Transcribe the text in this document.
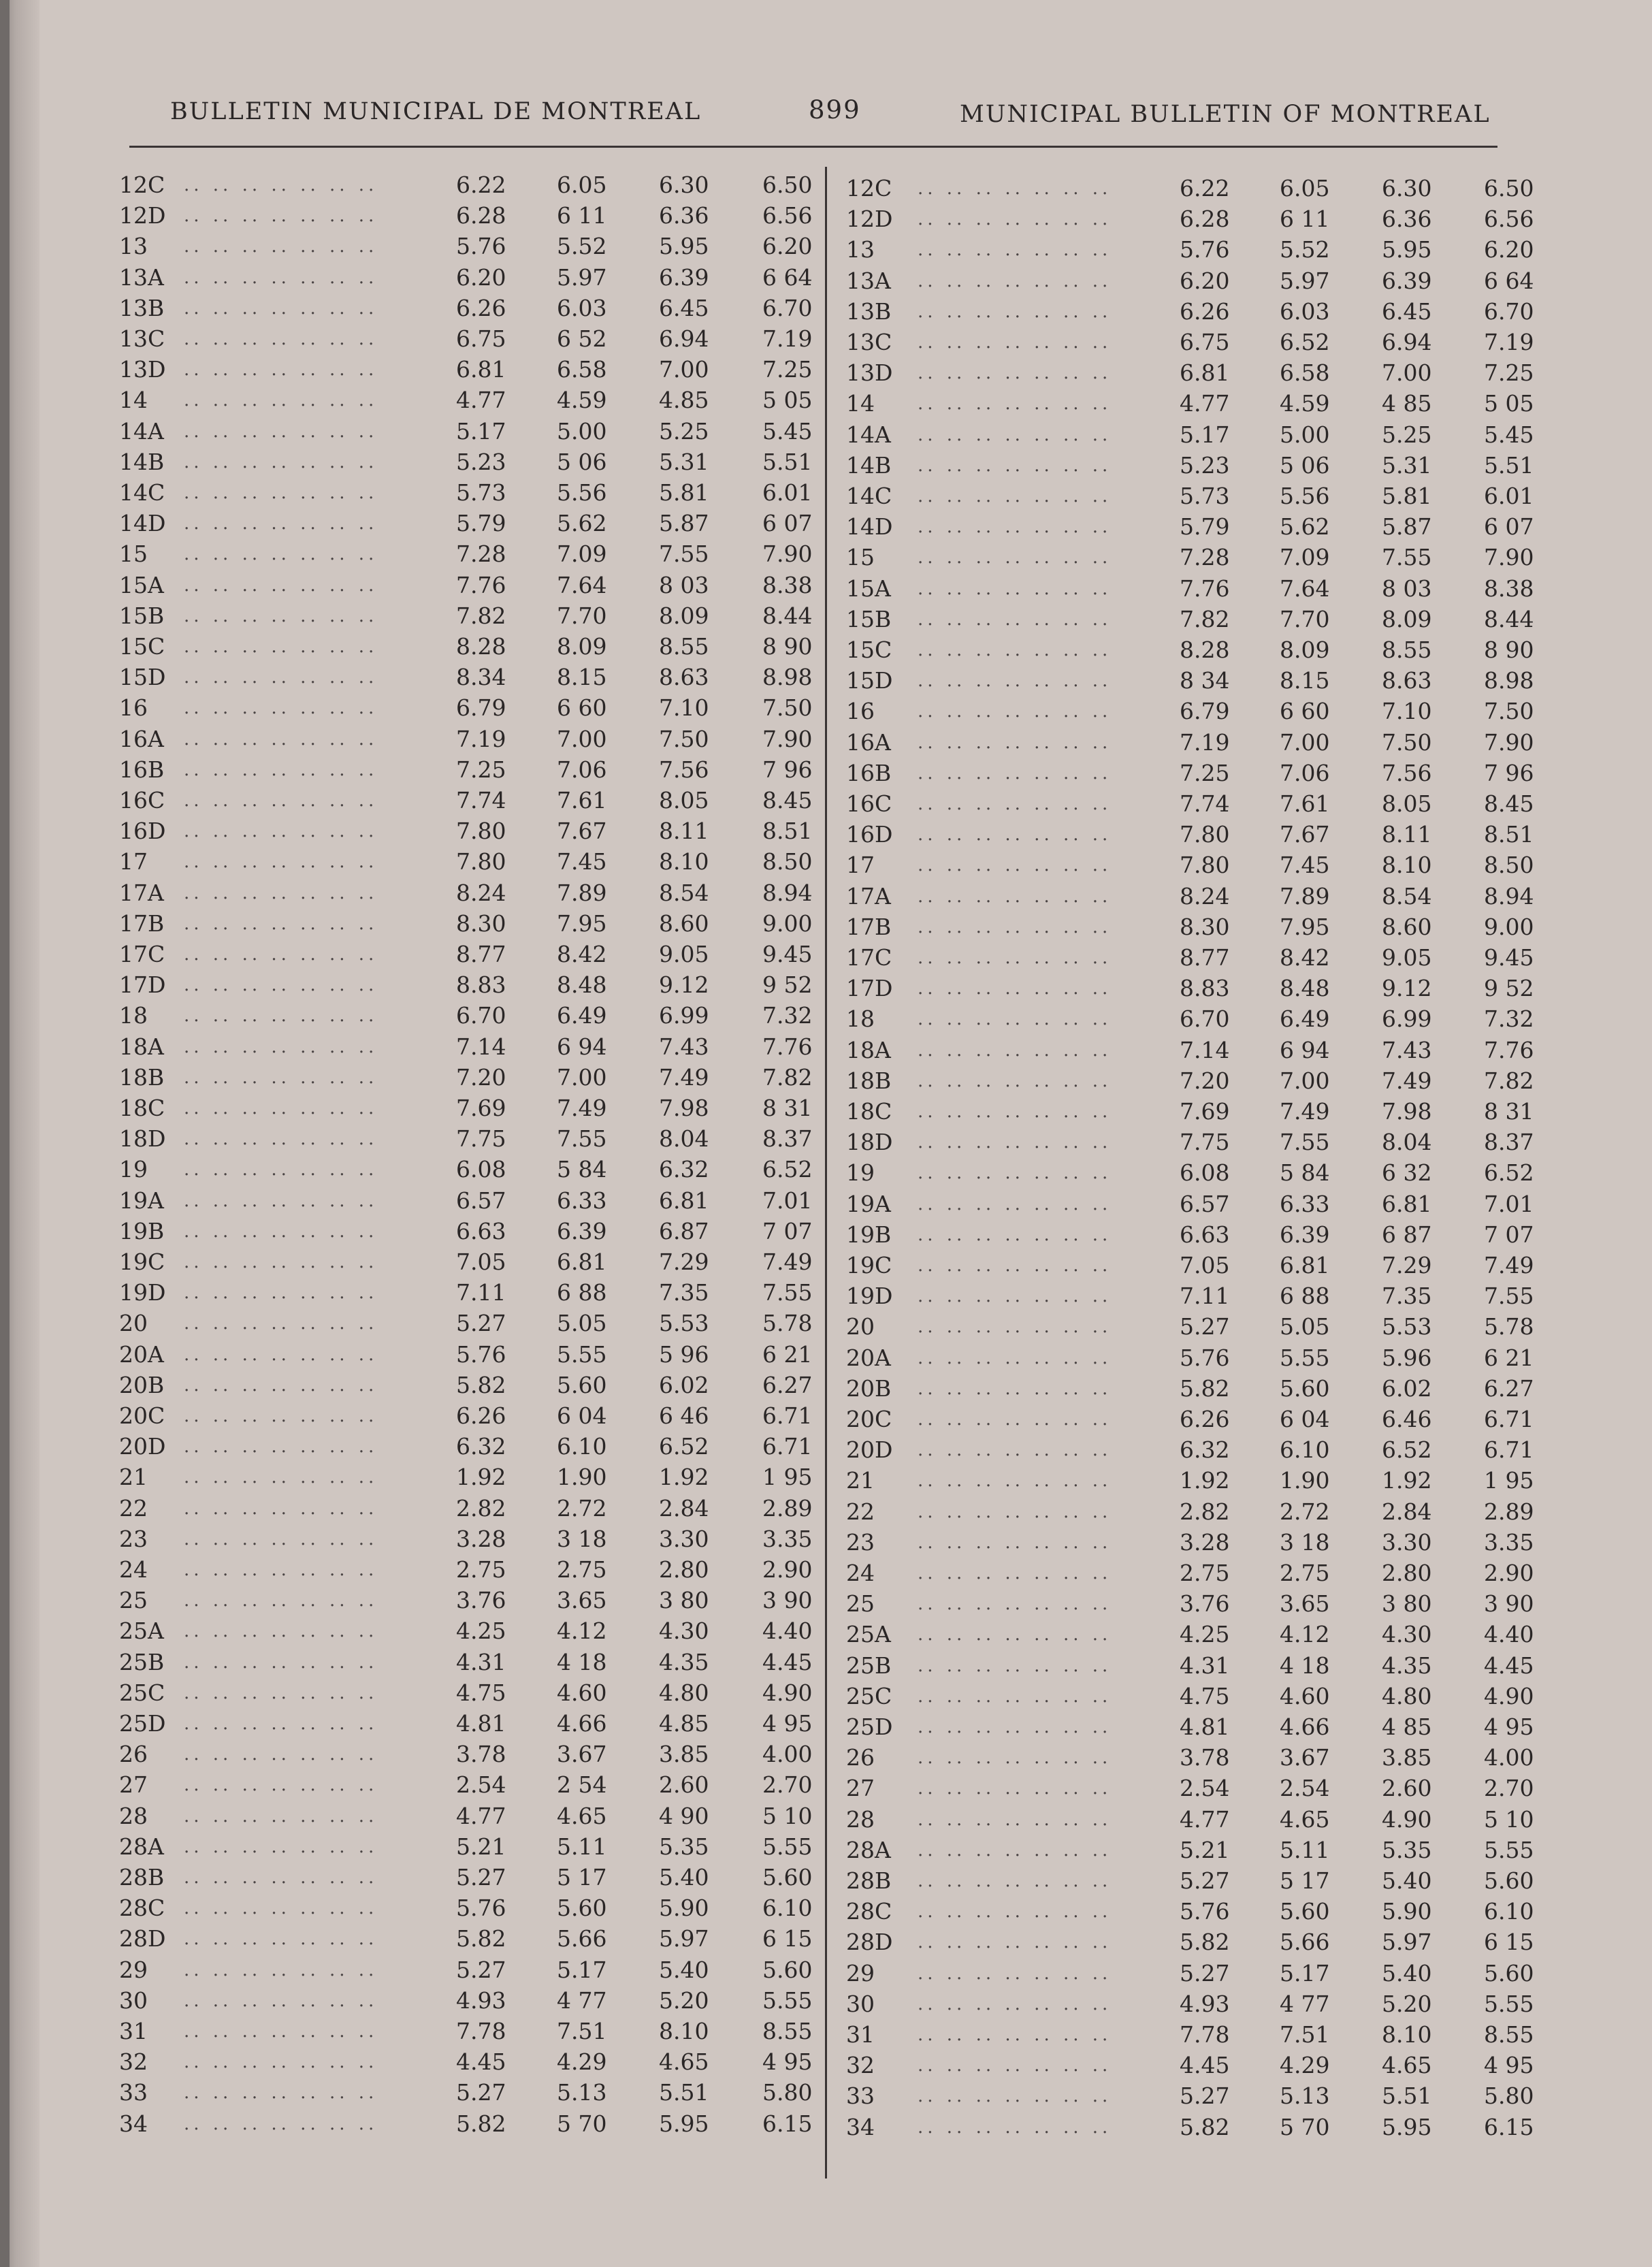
BULLETIN MUNICIPAL DE MONTREAL	899	MUNICIPAL BULLETIN OF MONTREAL
12C .. .. .. .. .. .. ..	6.22	6.05	6.30	6.50
12D .. .. .. .. .. .. ..	6.28	6 11	6.36	6.56
13 .. .. .. .. .. .. ..	5.76	5.52	5.95	6.20
13A .. .. .. .. .. .. ..	6.20	5.97	6.39	6 64
13B .. .. .. .. .. .. ..	6.26	6.03	6.45	6.70
13C .. .. .. .. .. .. ..	6.75	6 52	6.94	7.19
13D .. .. .. .. .. .. ..	6.81	6.58	7.00	7.25
14 .. .. .. .. .. .. ..	4.77	4.59	4.85	5 05
14A .. .. .. .. .. .. ..	5.17	5.00	5.25	5.45
14B .. .. .. .. .. .. ..	5.23	5 06	5.31	5.51
14C .. .. .. .. .. .. ..	5.73	5.56	5.81	6.01
14D .. .. .. .. .. .. ..	5.79	5.62	5.87	6 07
15 .. .. .. .. .. .. ..	7.28	7.09	7.55	7.90
15A .. .. .. .. .. .. ..	7.76	7.64	8 03	8.38
15B .. .. .. .. .. .. ..	7.82	7.70	8.09	8.44
15C .. .. .. .. .. .. ..	8.28	8.09	8.55	8 90
15D .. .. .. .. .. .. ..	8.34	8.15	8.63	8.98
16 .. .. .. .. .. .. ..	6.79	6 60	7.10	7.50
16A .. .. .. .. .. .. ..	7.19	7.00	7.50	7.90
16B .. .. .. .. .. .. ..	7.25	7.06	7.56	7 96
16C .. .. .. .. .. .. ..	7.74	7.61	8.05	8.45
16D .. .. .. .. .. .. ..	7.80	7.67	8.11	8.51
17 .. .. .. .. .. .. ..	7.80	7.45	8.10	8.50
17A .. .. .. .. .. .. ..	8.24	7.89	8.54	8.94
17B .. .. .. .. .. .. ..	8.30	7.95	8.60	9.00
17C .. .. .. .. .. .. ..	8.77	8.42	9.05	9.45
17D .. .. .. .. .. .. ..	8.83	8.48	9.12	9 52
18 .. .. .. .. .. .. ..	6.70	6.49	6.99	7.32
18A .. .. .. .. .. .. ..	7.14	6 94	7.43	7.76
18B .. .. .. .. .. .. ..	7.20	7.00	7.49	7.82
18C .. .. .. .. .. .. ..	7.69	7.49	7.98	8 31
18D .. .. .. .. .. .. ..	7.75	7.55	8.04	8.37
19 .. .. .. .. .. .. ..	6.08	5 84	6.32	6.52
19A .. .. .. .. .. .. ..	6.57	6.33	6.81	7.01
19B .. .. .. .. .. .. ..	6.63	6.39	6.87	7 07
19C .. .. .. .. .. .. ..	7.05	6.81	7.29	7.49
19D .. .. .. .. .. .. ..	7.11	6 88	7.35	7.55
20 .. .. .. .. .. .. ..	5.27	5.05	5.53	5.78
20A .. .. .. .. .. .. ..	5.76	5.55	5 96	6 21
20B .. .. .. .. .. .. ..	5.82	5.60	6.02	6.27
20C .. .. .. .. .. .. ..	6.26	6 04	6 46	6.71
20D .. .. .. .. .. .. ..	6.32	6.10	6.52	6.71
21 .. .. .. .. .. .. ..	1.92	1.90	1.92	1 95
22 .. .. .. .. .. .. ..	2.82	2.72	2.84	2.89
23 .. .. .. .. .. .. ..	3.28	3 18	3.30	3.35
24 .. .. .. .. .. .. ..	2.75	2.75	2.80	2.90
25 .. .. .. .. .. .. ..	3.76	3.65	3 80	3 90
25A .. .. .. .. .. .. ..	4.25	4.12	4.30	4.40
25B .. .. .. .. .. .. ..	4.31	4 18	4.35	4.45
25C .. .. .. .. .. .. ..	4.75	4.60	4.80	4.90
25D .. .. .. .. .. .. ..	4.81	4.66	4.85	4 95
26 .. .. .. .. .. .. ..	3.78	3.67	3.85	4.00
27 .. .. .. .. .. .. ..	2.54	2 54	2.60	2.70
28 .. .. .. .. .. .. ..	4.77	4.65	4 90	5 10
28A .. .. .. .. .. .. ..	5.21	5.11	5.35	5.55
28B .. .. .. .. .. .. ..	5.27	5 17	5.40	5.60
28C .. .. .. .. .. .. ..	5.76	5.60	5.90	6.10
28D .. .. .. .. .. .. ..	5.82	5.66	5.97	6 15
29 .. .. .. .. .. .. ..	5.27	5.17	5.40	5.60
30 .. .. .. .. .. .. ..	4.93	4 77	5.20	5.55
31 .. .. .. .. .. .. ..	7.78	7.51	8.10	8.55
32 .. .. .. .. .. .. ..	4.45	4.29	4.65	4 95
33 .. .. .. .. .. .. ..	5.27	5.13	5.51	5.80
34 .. .. .. .. .. .. ..	5.82	5 70	5.95	6.15
12C .. .. .. .. .. .. ..	6.22	6.05	6.30	6.50
12D .. .. .. .. .. .. ..	6.28	6 11	6.36	6.56
13 .. .. .. .. .. .. ..	5.76	5.52	5.95	6.20
13A .. .. .. .. .. .. ..	6.20	5.97	6.39	6 64
13B .. .. .. .. .. .. ..	6.26	6.03	6.45	6.70
13C .. .. .. .. .. .. ..	6.75	6.52	6.94	7.19
13D .. .. .. .. .. .. ..	6.81	6.58	7.00	7.25
14 .. .. .. .. .. .. ..	4.77	4.59	4 85	5 05
14A .. .. .. .. .. .. ..	5.17	5.00	5.25	5.45
14B .. .. .. .. .. .. ..	5.23	5 06	5.31	5.51
14C .. .. .. .. .. .. ..	5.73	5.56	5.81	6.01
14D .. .. .. .. .. .. ..	5.79	5.62	5.87	6 07
15 .. .. .. .. .. .. ..	7.28	7.09	7.55	7.90
15A .. .. .. .. .. .. ..	7.76	7.64	8 03	8.38
15B .. .. .. .. .. .. ..	7.82	7.70	8.09	8.44
15C .. .. .. .. .. .. ..	8.28	8.09	8.55	8 90
15D .. .. .. .. .. .. ..	8 34	8.15	8.63	8.98
16 .. .. .. .. .. .. ..	6.79	6 60	7.10	7.50
16A .. .. .. .. .. .. ..	7.19	7.00	7.50	7.90
16B .. .. .. .. .. .. ..	7.25	7.06	7.56	7 96
16C .. .. .. .. .. .. ..	7.74	7.61	8.05	8.45
16D .. .. .. .. .. .. ..	7.80	7.67	8.11	8.51
17 .. .. .. .. .. .. ..	7.80	7.45	8.10	8.50
17A .. .. .. .. .. .. ..	8.24	7.89	8.54	8.94
17B .. .. .. .. .. .. ..	8.30	7.95	8.60	9.00
17C .. .. .. .. .. .. ..	8.77	8.42	9.05	9.45
17D .. .. .. .. .. .. ..	8.83	8.48	9.12	9 52
18 .. .. .. .. .. .. ..	6.70	6.49	6.99	7.32
18A .. .. .. .. .. .. ..	7.14	6 94	7.43	7.76
18B .. .. .. .. .. .. ..	7.20	7.00	7.49	7.82
18C .. .. .. .. .. .. ..	7.69	7.49	7.98	8 31
18D .. .. .. .. .. .. ..	7.75	7.55	8.04	8.37
19 .. .. .. .. .. .. ..	6.08	5 84	6 32	6.52
19A .. .. .. .. .. .. ..	6.57	6.33	6.81	7.01
19B .. .. .. .. .. .. ..	6.63	6.39	6 87	7 07
19C .. .. .. .. .. .. ..	7.05	6.81	7.29	7.49
19D .. .. .. .. .. .. ..	7.11	6 88	7.35	7.55
20 .. .. .. .. .. .. ..	5.27	5.05	5.53	5.78
20A .. .. .. .. .. .. ..	5.76	5.55	5.96	6 21
20B .. .. .. .. .. .. ..	5.82	5.60	6.02	6.27
20C .. .. .. .. .. .. ..	6.26	6 04	6.46	6.71
20D .. .. .. .. .. .. ..	6.32	6.10	6.52	6.71
21 .. .. .. .. .. .. ..	1.92	1.90	1.92	1 95
22 .. .. .. .. .. .. ..	2.82	2.72	2.84	2.89
23 .. .. .. .. .. .. ..	3.28	3 18	3.30	3.35
24 .. .. .. .. .. .. ..	2.75	2.75	2.80	2.90
25 .. .. .. .. .. .. ..	3.76	3.65	3 80	3 90
25A .. .. .. .. .. .. ..	4.25	4.12	4.30	4.40
25B .. .. .. .. .. .. ..	4.31	4 18	4.35	4.45
25C .. .. .. .. .. .. ..	4.75	4.60	4.80	4.90
25D .. .. .. .. .. .. ..	4.81	4.66	4 85	4 95
26 .. .. .. .. .. .. ..	3.78	3.67	3.85	4.00
27 .. .. .. .. .. .. ..	2.54	2.54	2.60	2.70
28 .. .. .. .. .. .. ..	4.77	4.65	4.90	5 10
28A .. .. .. .. .. .. ..	5.21	5.11	5.35	5.55
28B .. .. .. .. .. .. ..	5.27	5 17	5.40	5.60
28C .. .. .. .. .. .. ..	5.76	5.60	5.90	6.10
28D .. .. .. .. .. .. ..	5.82	5.66	5.97	6 15
29 .. .. .. .. .. .. ..	5.27	5.17	5.40	5.60
30 .. .. .. .. .. .. ..	4.93	4 77	5.20	5.55
31 .. .. .. .. .. .. ..	7.78	7.51	8.10	8.55
32 .. .. .. .. .. .. ..	4.45	4.29	4.65	4 95
33 .. .. .. .. .. .. ..	5.27	5.13	5.51	5.80
34 .. .. .. .. .. .. ..	5.82	5 70	5.95	6.15
